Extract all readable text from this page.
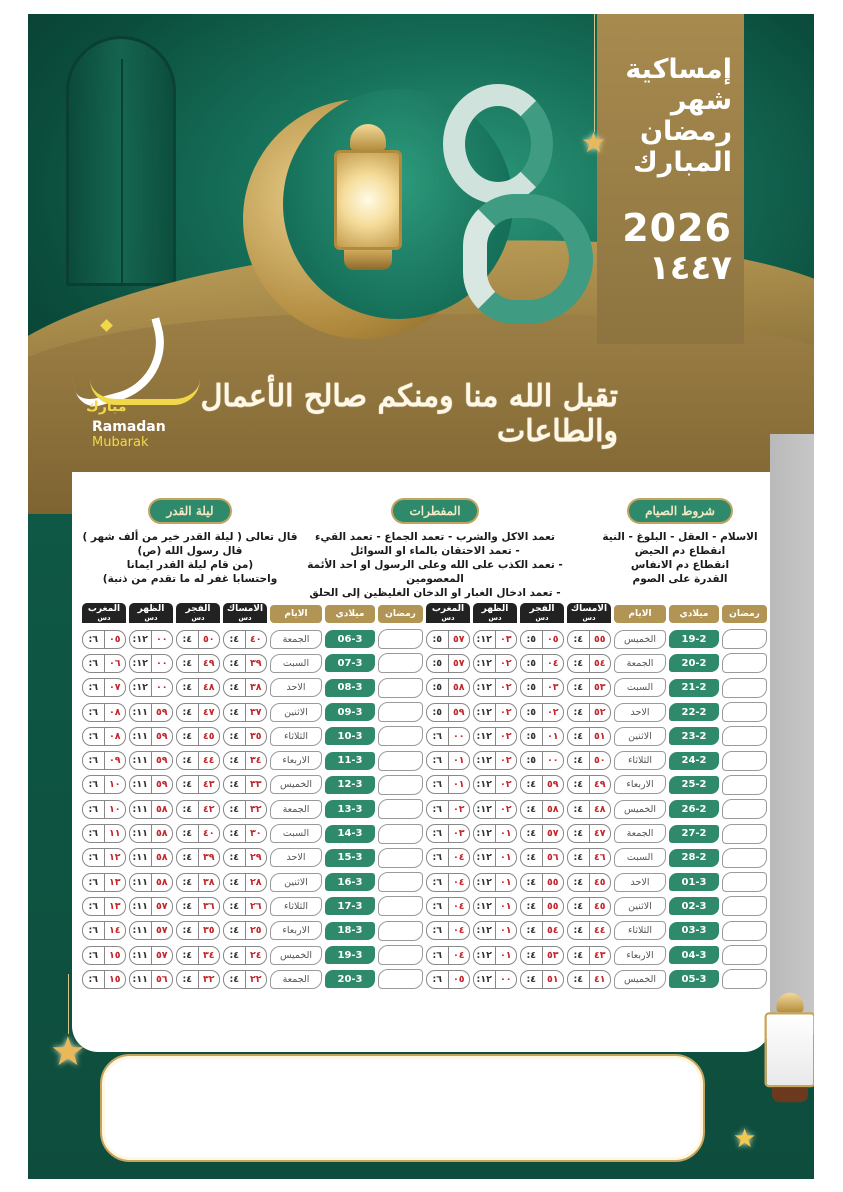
إمساكية
شهر
رمضان
المبارك
2026
١٤٤٧
★
مبارك
Ramadan
Mubarak
تقبل الله منا ومنكم صالح الأعمال والطاعات
★
★
شروط الصيام
الاسلام - العقل - البلوغ - النية
انقطاع دم الحيض
انقطاع دم الانفاس
القدرة على الصوم
المفطرات
تعمد الاكل والشرب - تعمد الجماع - تعمد القيء
- تعمد الاحتقان بالماء او السوائل
- تعمد الكذب على الله وعلى الرسول او احد الأئمة المعصومين
- تعمد ادخال الغبار او الدخان الغليظين إلى الحلق
ليلة القدر
قال تعالى ( ليلة القدر خير من ألف شهر )
قال رسول الله (ص)
(من قام ليلة القدر ايمانا
واحتسابا غفر له ما تقدم من ذنبة)
رمضان
ميلادي
الايام
الامساك
دس
الفجر
دس
الظهر
دس
المغرب
دس
19-2
الخميس
٥٥
٤:
٠٥
٥:
٠٣
١٢:
٥٧
٥:
20-2
الجمعة
٥٤
٤:
٠٤
٥:
٠٢
١٢:
٥٧
٥:
21-2
السبت
٥٣
٤:
٠٣
٥:
٠٢
١٢:
٥٨
٥:
22-2
الاحد
٥٢
٤:
٠٢
٥:
٠٢
١٢:
٥٩
٥:
23-2
الاثنين
٥١
٤:
٠١
٥:
٠٢
١٢:
٠٠
٦:
24-2
الثلاثاء
٥٠
٤:
٠٠
٥:
٠٢
١٢:
٠١
٦:
25-2
الاربعاء
٤٩
٤:
٥٩
٤:
٠٢
١٢:
٠١
٦:
26-2
الخميس
٤٨
٤:
٥٨
٤:
٠٢
١٢:
٠٢
٦:
27-2
الجمعة
٤٧
٤:
٥٧
٤:
٠١
١٢:
٠٣
٦:
28-2
السبت
٤٦
٤:
٥٦
٤:
٠١
١٢:
٠٤
٦:
01-3
الاحد
٤٥
٤:
٥٥
٤:
٠١
١٢:
٠٤
٦:
02-3
الاثنين
٤٥
٤:
٥٥
٤:
٠١
١٢:
٠٤
٦:
03-3
الثلاثاء
٤٤
٤:
٥٤
٤:
٠١
١٢:
٠٤
٦:
04-3
الاربعاء
٤٣
٤:
٥٣
٤:
٠١
١٢:
٠٤
٦:
05-3
الخميس
٤١
٤:
٥١
٤:
٠٠
١٢:
٠٥
٦:
رمضان
ميلادي
الايام
الامساك
دس
الفجر
دس
الظهر
دس
المغرب
دس
06-3
الجمعة
٤٠
٤:
٥٠
٤:
٠٠
١٢:
٠٥
٦:
07-3
السبت
٣٩
٤:
٤٩
٤:
٠٠
١٢:
٠٦
٦:
08-3
الاحد
٣٨
٤:
٤٨
٤:
٠٠
١٢:
٠٧
٦:
09-3
الاثنين
٣٧
٤:
٤٧
٤:
٥٩
١١:
٠٨
٦:
10-3
الثلاثاء
٣٥
٤:
٤٥
٤:
٥٩
١١:
٠٨
٦:
11-3
الاربعاء
٣٤
٤:
٤٤
٤:
٥٩
١١:
٠٩
٦:
12-3
الخميس
٣٣
٤:
٤٣
٤:
٥٩
١١:
١٠
٦:
13-3
الجمعة
٣٢
٤:
٤٢
٤:
٥٨
١١:
١٠
٦:
14-3
السبت
٣٠
٤:
٤٠
٤:
٥٨
١١:
١١
٦:
15-3
الاحد
٢٩
٤:
٣٩
٤:
٥٨
١١:
١٢
٦:
16-3
الاثنين
٢٨
٤:
٣٨
٤:
٥٨
١١:
١٣
٦:
17-3
الثلاثاء
٢٦
٤:
٣٦
٤:
٥٧
١١:
١٣
٦:
18-3
الاربعاء
٢٥
٤:
٣٥
٤:
٥٧
١١:
١٤
٦:
19-3
الخميس
٢٤
٤:
٣٤
٤:
٥٧
١١:
١٥
٦:
20-3
الجمعة
٢٢
٤:
٣٢
٤:
٥٦
١١:
١٥
٦:
